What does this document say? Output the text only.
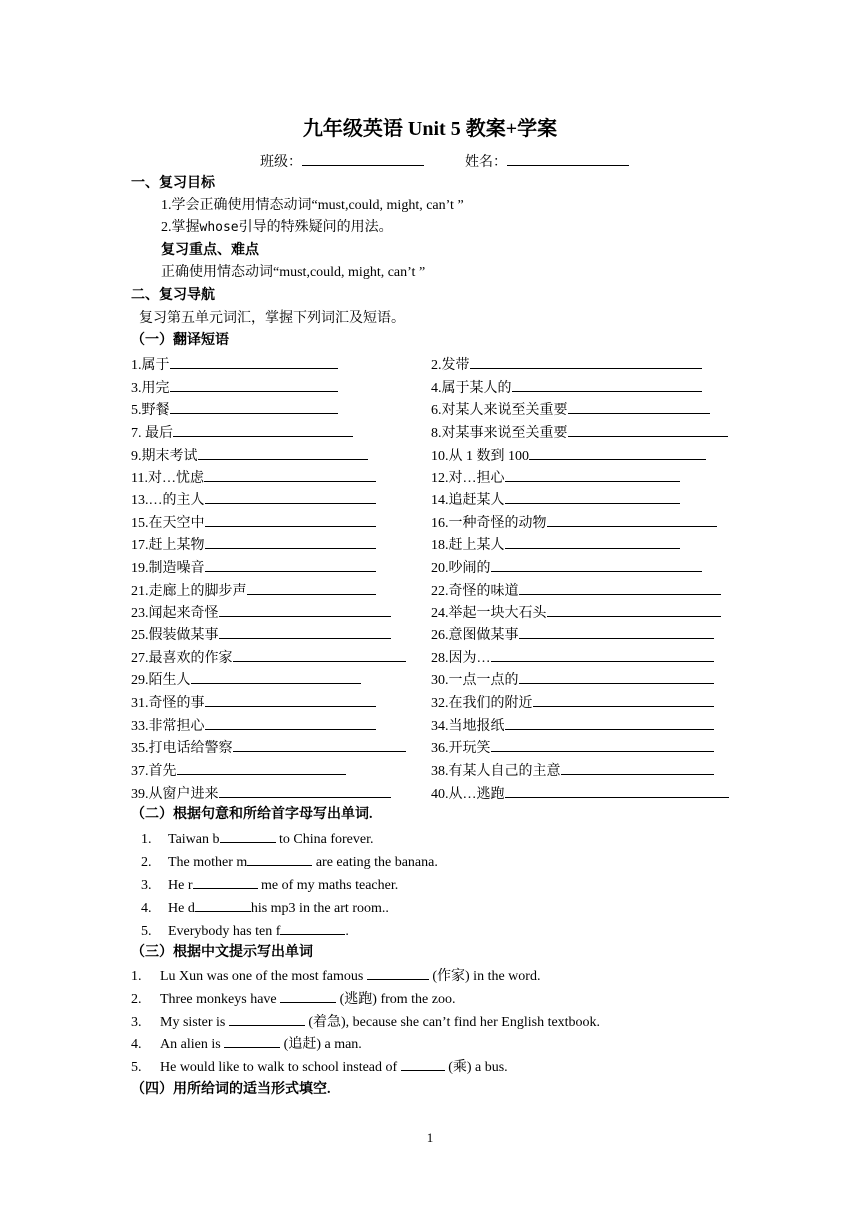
九年级英语 Unit 5 教案+学案
班级：	姓名：
一、复习目标
1.学会正确使用情态动词“must,could, might, can’t ”
2.掌握whose引导的特殊疑问的用法。
复习重点、难点
正确使用情态动词“must,could, might, can’t ”
二、复习导航
复习第五单元词汇，掌握下列词汇及短语。
（一）翻译短语
1.属于	2.发带
3.用完	4.属于某人的
5.野餐	6.对某人来说至关重要
7. 最后	8.对某事来说至关重要
9.期末考试	10.从 1 数到 100
11.对…忧虑	12.对…担心
13.…的主人	14.追赶某人
15.在天空中	16.一种奇怪的动物
17.赶上某物	18.赶上某人
19.制造噪音	20.吵闹的
21.走廊上的脚步声	22.奇怪的味道
23.闻起来奇怪	24.举起一块大石头
25.假装做某事	26.意图做某事
27.最喜欢的作家	28.因为…
29.陌生人	30.一点一点的
31.奇怪的事	32.在我们的附近
33.非常担心	34.当地报纸
35.打电话给警察	36.开玩笑
37.首先	38.有某人自己的主意
39.从窗户进来	40.从…逃跑
（二）根据句意和所给首字母写出单词.
1. Taiwan b	to China forever.
2. The mother m	are eating the banana.
3. He r	me of my maths teacher.
4. He d	his mp3 in the art room..
5. Everybody has ten f	.
（三）根据中文提示写出单词
1. Lu Xun was one of the most famous	(作家) in the word.
2. Three monkeys have	(逃跑) from the zoo.
3. My sister is	(着急), because she can’t find her English textbook.
4. An alien is	(追赶) a man.
5. He would like to walk to school instead of	(乘) a bus.
（四）用所给词的适当形式填空.
1
